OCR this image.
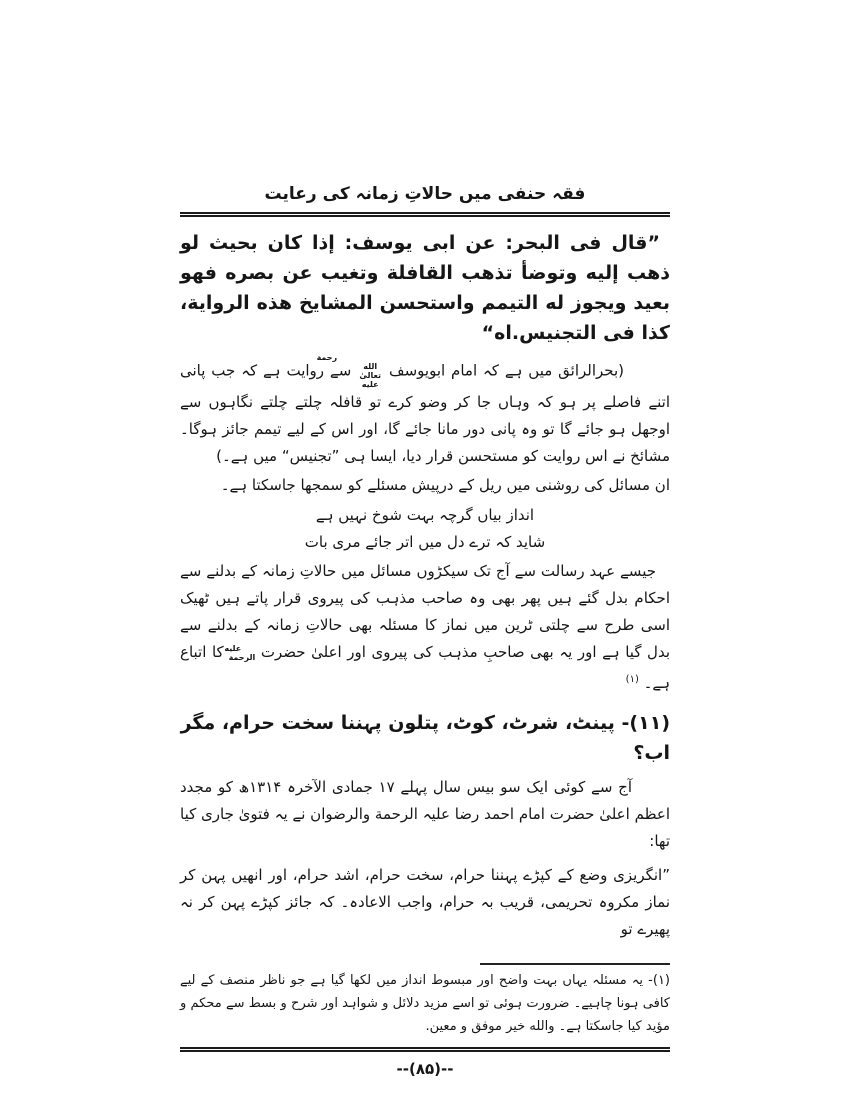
فقہ حنفی میں حالاتِ زمانہ کی رعایت

”قال فى البحر: عن ابى يوسف: إذا كان بحيث لو ذهب إليه وتوضأ تذهب القافلة وتغيب عن بصره فهو بعيد ويجوز له التيمم واستحسن المشايخ هذه الرواية، كذا فى التجنيس.اه“

(بحرالرائق میں ہے کہ امام ابویوسف رحمة الله تعالیٰ عليه سے روایت ہے کہ جب پانی اتنے فاصلے پر ہو کہ وہاں جا کر وضو کرے تو قافلہ چلتے چلتے نگاہوں سے اوجھل ہو جائے گا تو وہ پانی دور مانا جائے گا، اور اس کے لیے تیمم جائز ہوگا۔ مشائخ نے اس روایت کو مستحسن قرار دیا، ایسا ہی ”تجنیس“ میں ہے۔)

ان مسائل کی روشنی میں ریل کے درپیش مسئلے کو سمجھا جاسکتا ہے۔

انداز بیاں گرچہ بہت شوخ نہیں ہے
شاید کہ ترے دل میں اتر جائے مری بات

جیسے عہد رسالت سے آج تک سیکڑوں مسائل میں حالاتِ زمانہ کے بدلنے سے احکام بدل گئے ہیں پھر بھی وہ صاحب مذہب کی پیروی قرار پاتے ہیں ٹھیک اسی طرح سے چلتی ٹرین میں نماز کا مسئلہ بھی حالاتِ زمانہ کے بدلنے سے بدل گیا ہے اور یہ بھی صاحبِ مذہب کی پیروی اور اعلیٰ حضرت عليه الرحمة کا اتباع ہے۔ $^{(۱)}$

(۱۱)- پینٹ، شرٹ، کوٹ، پتلون پہننا سخت حرام، مگر اب؟

آج سے کوئی ایک سو بیس سال پہلے ۱۷ جمادی الآخرہ ۱۳۱۴ھ کو مجدد اعظم اعلیٰ حضرت امام احمد رضا علیہ الرحمة والرضوان نے یہ فتویٰ جاری کیا تھا:

”انگریزی وضع کے کپڑے پہننا حرام، سخت حرام، اشد حرام، اور انھیں پہن کر نماز مکروہ تحریمی، قریب بہ حرام، واجب الاعادہ۔ کہ جائز کپڑے پہن کر نہ پھیرے تو

(۱)- یہ مسئلہ یہاں بہت واضح اور مبسوط انداز میں لکھا گیا ہے جو ناظر منصف کے لیے کافی ہونا چاہیے۔ ضرورت ہوئی تو اسے مزید دلائل و شواہد اور شرح و بسط سے محکم و مؤید کیا جاسکتا ہے۔ والله خیر موفق و معین.

--(۸۵)--
